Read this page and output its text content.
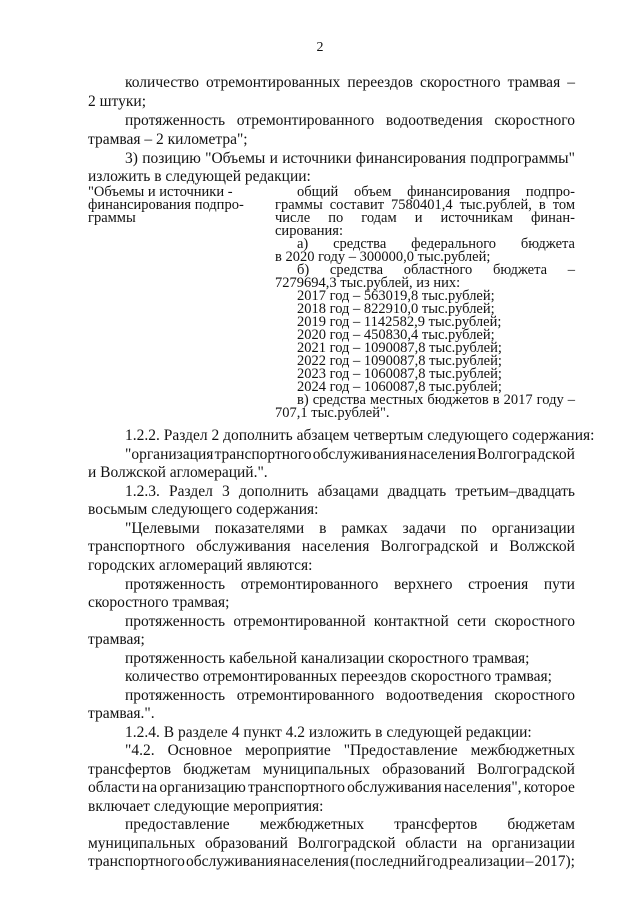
2
количество отремонтированных переездов скоростного трамвая –
2 штуки;
протяженность отремонтированного водоотведения скоростного
трамвая – 2 километра";
3) позицию "Объемы и источники финансирования подпрограммы"
изложить в следующей редакции:
"Объемы и источники -
финансирования подпро-
граммы
общий объем финансирования подпро-
граммы составит 7580401,4 тыс.рублей, в том
числе по годам и источникам финан-
сирования:
а) средства федерального бюджета
в 2020 году – 300000,0 тыс.рублей;
б) средства областного бюджета –
7279694,3 тыс.рублей, из них:
2017 год – 563019,8 тыс.рублей;
2018 год – 822910,0 тыс.рублей;
2019 год – 1142582,9 тыс.рублей;
2020 год – 450830,4 тыс.рублей;
2021 год – 1090087,8 тыс.рублей;
2022 год – 1090087,8 тыс.рублей;
2023 год – 1060087,8 тыс.рублей;
2024 год – 1060087,8 тыс.рублей;
в) средства местных бюджетов в 2017 году –
707,1 тыс.рублей".
1.2.2. Раздел 2 дополнить абзацем четвертым следующего содержания:
"организация транспортного обслуживания населения Волгоградской
и Волжской агломераций.".
1.2.3. Раздел 3 дополнить абзацами двадцать третьим–двадцать
восьмым следующего содержания:
"Целевыми показателями в рамках задачи по организации
транспортного обслуживания населения Волгоградской и Волжской
городских агломераций являются:
протяженность отремонтированного верхнего строения пути
скоростного трамвая;
протяженность отремонтированной контактной сети скоростного
трамвая;
протяженность кабельной канализации скоростного трамвая;
количество отремонтированных переездов скоростного трамвая;
протяженность отремонтированного водоотведения скоростного
трамвая.".
1.2.4. В разделе 4 пункт 4.2 изложить в следующей редакции:
"4.2. Основное мероприятие "Предоставление межбюджетных
трансфертов бюджетам муниципальных образований Волгоградской
области на организацию транспортного обслуживания населения", которое
включает следующие мероприятия:
предоставление межбюджетных трансфертов бюджетам
муниципальных образований Волгоградской области на организации
транспортного обслуживания населения (последний год реализации – 2017);
